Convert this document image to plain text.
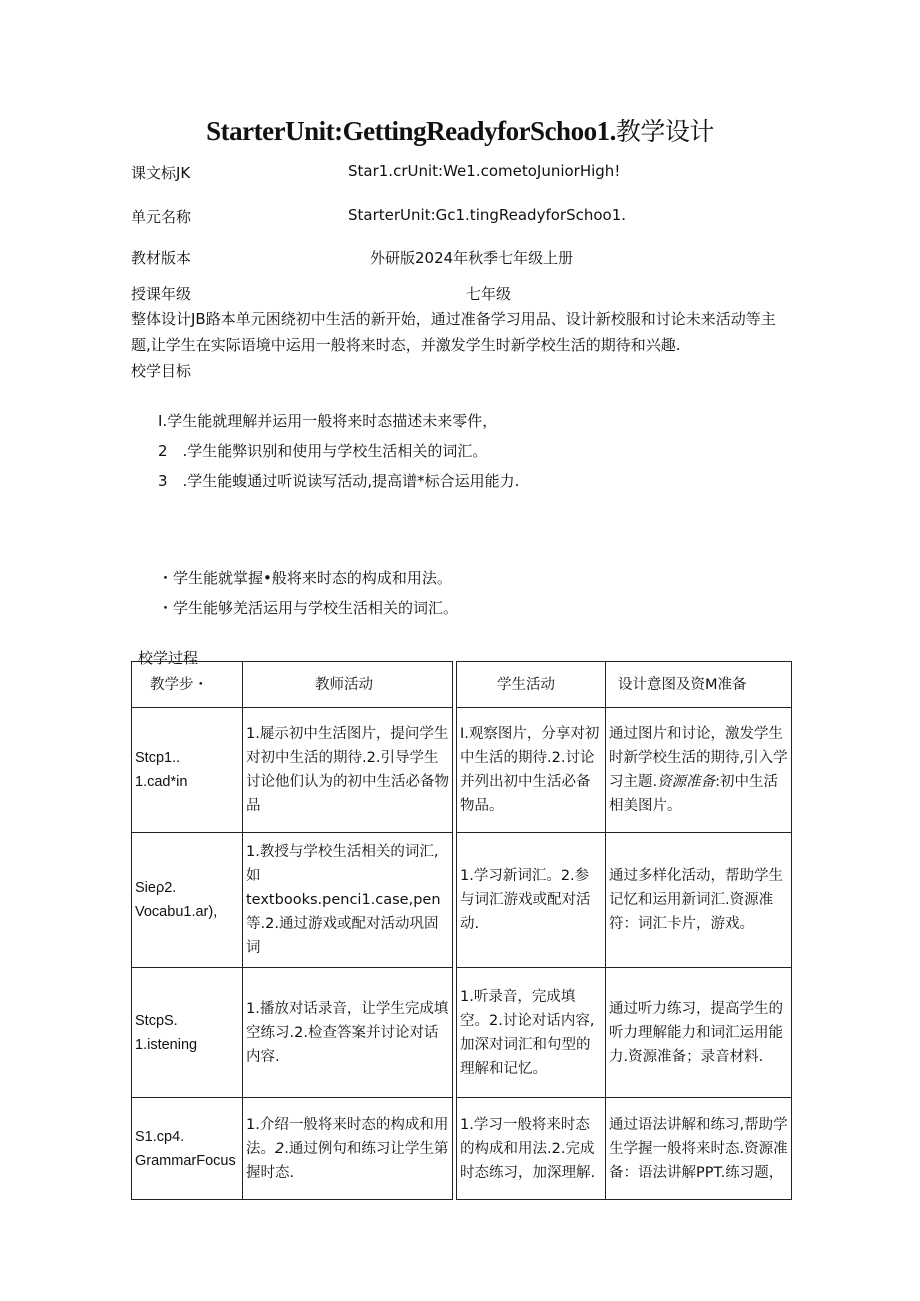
StarterUnit:GettingReadyforSchoo1.教学设计

课文标JK	Star1.crUnit:We1.cometoJuniorHigh!

单元名称	StarterUnit:Gc1.tingReadyforSchoo1.

教材版本	外研版2024年秋季七年级上册

授课年级	七年级

整体设计JB路本单元困绕初中生活的新开始，通过准备学习用品、设计新校服和讨论未来活动等主题,让学生在实际语境中运用一般将来时态，并激发学生时新学校生活的期待和兴趣.

校学目标

I.学生能就理解并运用一般将来时态描述未来零件，

2　.学生能弊识别和使用与学校生活相关的词汇。

3　.学生能蝮通过听说读写活动,提高谱*标合运用能力.

・学生能就掌握•般将来时态的构成和用法。

・学生能够羌活运用与学校生活相关的词汇。

校学过程

教学步・	教师活动		学生活动	设计意图及资M准备

Stcp1..
1.cad*in	1.屣示初中生活图片，提问学生对初中生活的期待.2.引导学生讨论他们认为的初中生活必备物品		I.观察图片，分享对初中生活的期待.2.讨论并列出初中生活必备物品。	通过图片和讨论，激发学生时新学校生活的期待,引入学习主题.资源准备:初中生活相美图片。

Sieρ2.
Vocabu1.ar),	1.教授与学校生活相关的词汇,如textbooks.penci1.case,pen等.2.通过游戏或配对活动巩固词		1.学习新词汇。2.参与词汇游戏或配对活动.	通过多样化活动，帮助学生记忆和运用新词汇.资源准符：词汇卡片，游戏。

StcpS.
1.istening	1.播放对话录音，让学生完成填空练习.2.检查答案并讨论对话内容.		1.听录音，完成填空。2.讨论对话内容,加深对词汇和句型的理解和记忆。	通过听力练习，提高学生的听力理解能力和词汇运用能力.资源准备；录音材料.

S1.cp4.
GrammarFocus	1.介绍一般将来时态的构成和用法。2.通过例句和练习让学生第握时态.		1.学习一般将来时态的构成和用法.2.完成时态练习，加深理解.	通过语法讲解和练习,帮助学生学握一般将来时态.资源准备：语法讲解PPT.练习题，
